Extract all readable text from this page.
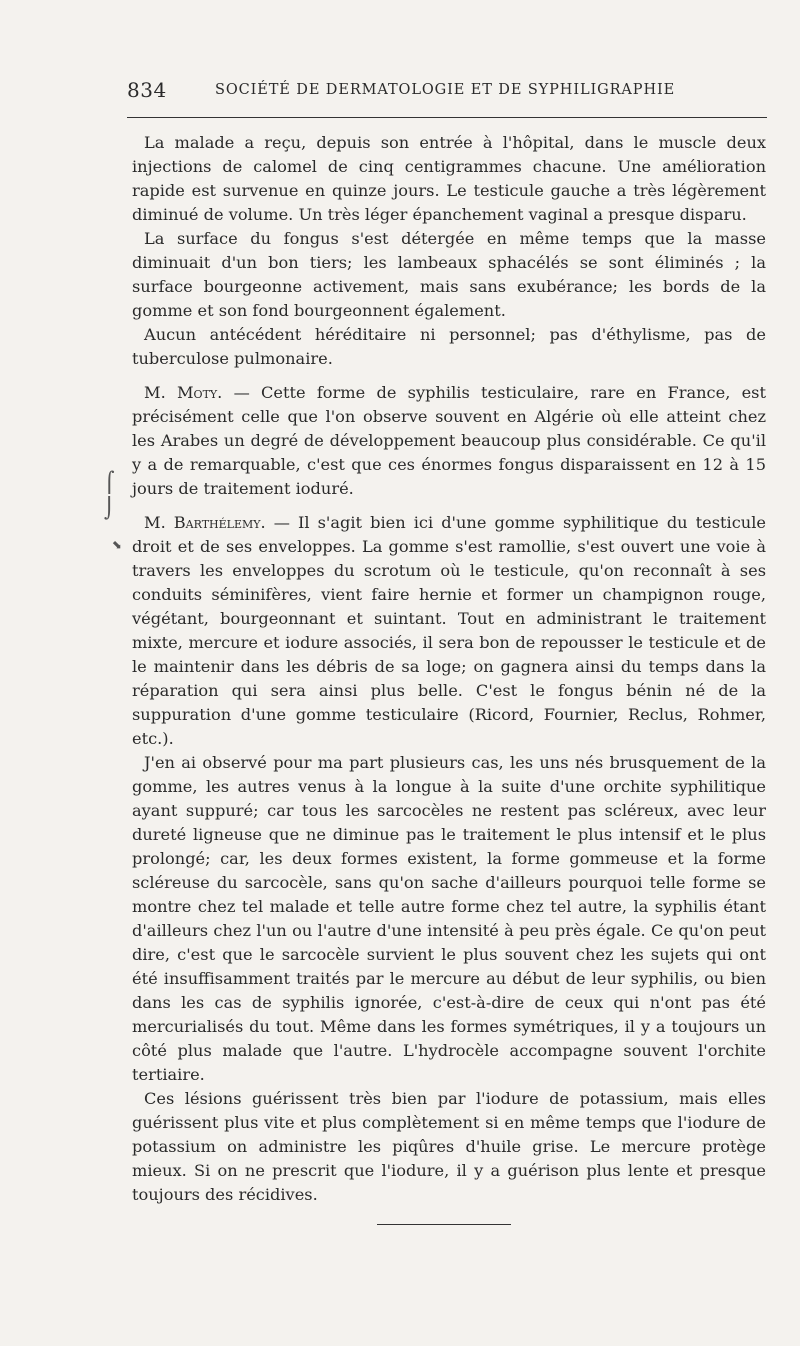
834	SOCIÉTÉ DE DERMATOLOGIE ET DE SYPHILIGRAPHIE

La malade a reçu, depuis son entrée à l'hôpital, dans le muscle deux injections de calomel de cinq centigrammes chacune. Une amélioration rapide est survenue en quinze jours. Le testicule gauche a très légèrement diminué de volume. Un très léger épanchement vaginal a presque disparu.

La surface du fongus s'est détergée en même temps que la masse diminuait d'un bon tiers; les lambeaux sphacélés se sont éliminés ; la surface bourgeonne activement, mais sans exubérance; les bords de la gomme et son fond bourgeonnent également.

Aucun antécédent héréditaire ni personnel; pas d'éthylisme, pas de tuberculose pulmonaire.

M. Moty. — Cette forme de syphilis testiculaire, rare en France, est précisément celle que l'on observe souvent en Algérie où elle atteint chez les Arabes un degré de développement beaucoup plus considérable. Ce qu'il y a de remarquable, c'est que ces énormes fongus disparaissent en 12 à 15 jours de traitement ioduré.

M. Barthélemy. — Il s'agit bien ici d'une gomme syphilitique du testicule droit et de ses enveloppes. La gomme s'est ramollie, s'est ouvert une voie à travers les enveloppes du scrotum où le testicule, qu'on reconnaît à ses conduits séminifères, vient faire hernie et former un champignon rouge, végétant, bourgeonnant et suintant. Tout en administrant le traitement mixte, mercure et iodure associés, il sera bon de repousser le testicule et de le maintenir dans les débris de sa loge; on gagnera ainsi du temps dans la réparation qui sera ainsi plus belle. C'est le fongus bénin né de la suppuration d'une gomme testiculaire (Ricord, Fournier, Reclus, Rohmer, etc.).

J'en ai observé pour ma part plusieurs cas, les uns nés brusquement de la gomme, les autres venus à la longue à la suite d'une orchite syphilitique ayant suppuré; car tous les sarcocèles ne restent pas scléreux, avec leur dureté ligneuse que ne diminue pas le traitement le plus intensif et le plus prolongé; car, les deux formes existent, la forme gommeuse et la forme scléreuse du sarcocèle, sans qu'on sache d'ailleurs pourquoi telle forme se montre chez tel malade et telle autre forme chez tel autre, la syphilis étant d'ailleurs chez l'un ou l'autre d'une intensité à peu près égale. Ce qu'on peut dire, c'est que le sarcocèle survient le plus souvent chez les sujets qui ont été insuffisamment traités par le mercure au début de leur syphilis, ou bien dans les cas de syphilis ignorée, c'est-à-dire de ceux qui n'ont pas été mercurialisés du tout. Même dans les formes symétriques, il y a toujours un côté plus malade que l'autre. L'hydrocèle accompagne souvent l'orchite tertiaire.

Ces lésions guérissent très bien par l'iodure de potassium, mais elles guérissent plus vite et plus complètement si en même temps que l'iodure de potassium on administre les piqûres d'huile grise. Le mercure protège mieux. Si on ne prescrit que l'iodure, il y a guérison plus lente et presque toujours des récidives.

⌠
⌡
⬊
